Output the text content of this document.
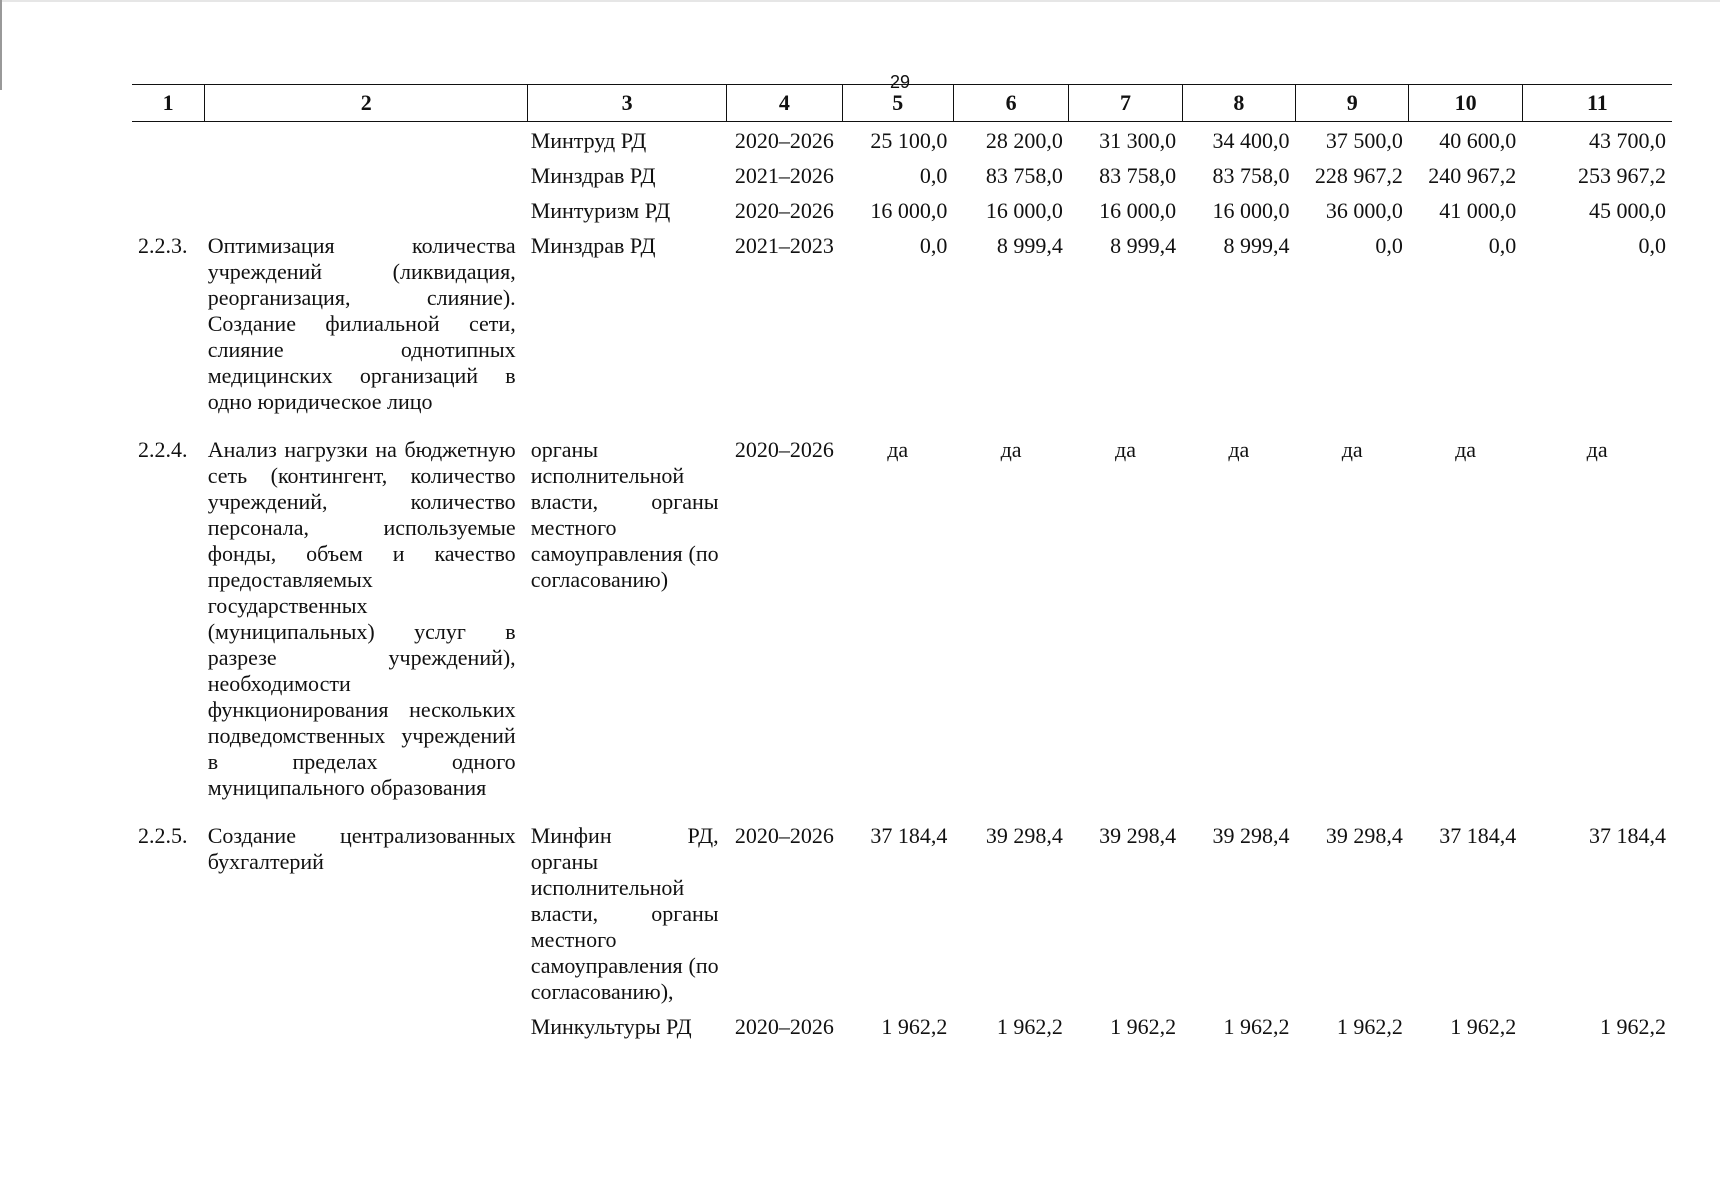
29
1	2	3	4	5	6	7	8	9	10	11
		Минтруд РД	2020–2026	25 100,0	28 200,0	31 300,0	34 400,0	37 500,0	40 600,0	43 700,0
		Минздрав РД	2021–2026	0,0	83 758,0	83 758,0	83 758,0	228 967,2	240 967,2	253 967,2
		Минтуризм РД	2020–2026	16 000,0	16 000,0	16 000,0	16 000,0	36 000,0	41 000,0	45 000,0
2.2.3.	Оптимизация количества учреждений (ликвидация, реорганизация, слияние). Создание филиальной сети, слияние однотипных медицинских организаций в одно юридическое лицо	Минздрав РД	2021–2023	0,0	8 999,4	8 999,4	8 999,4	0,0	0,0	0,0
2.2.4.	Анализ нагрузки на бюджетную сеть (контингент, количество учреждений, количество персонала, используемые фонды, объем и качество предоставляемых государственных (муниципальных) услуг в разрезе учреждений), необходимости функционирования нескольких подведомственных учреждений в пределах одного муниципального образования	органы исполнительной власти, органы местного самоуправления (по согласованию)	2020–2026	да	да	да	да	да	да	да
2.2.5.	Создание централизованных бухгалтерий	Минфин РД, органы исполнительной власти, органы местного самоуправления (по согласованию),	2020–2026	37 184,4	39 298,4	39 298,4	39 298,4	39 298,4	37 184,4	37 184,4
		Минкультуры РД	2020–2026	1 962,2	1 962,2	1 962,2	1 962,2	1 962,2	1 962,2	1 962,2
